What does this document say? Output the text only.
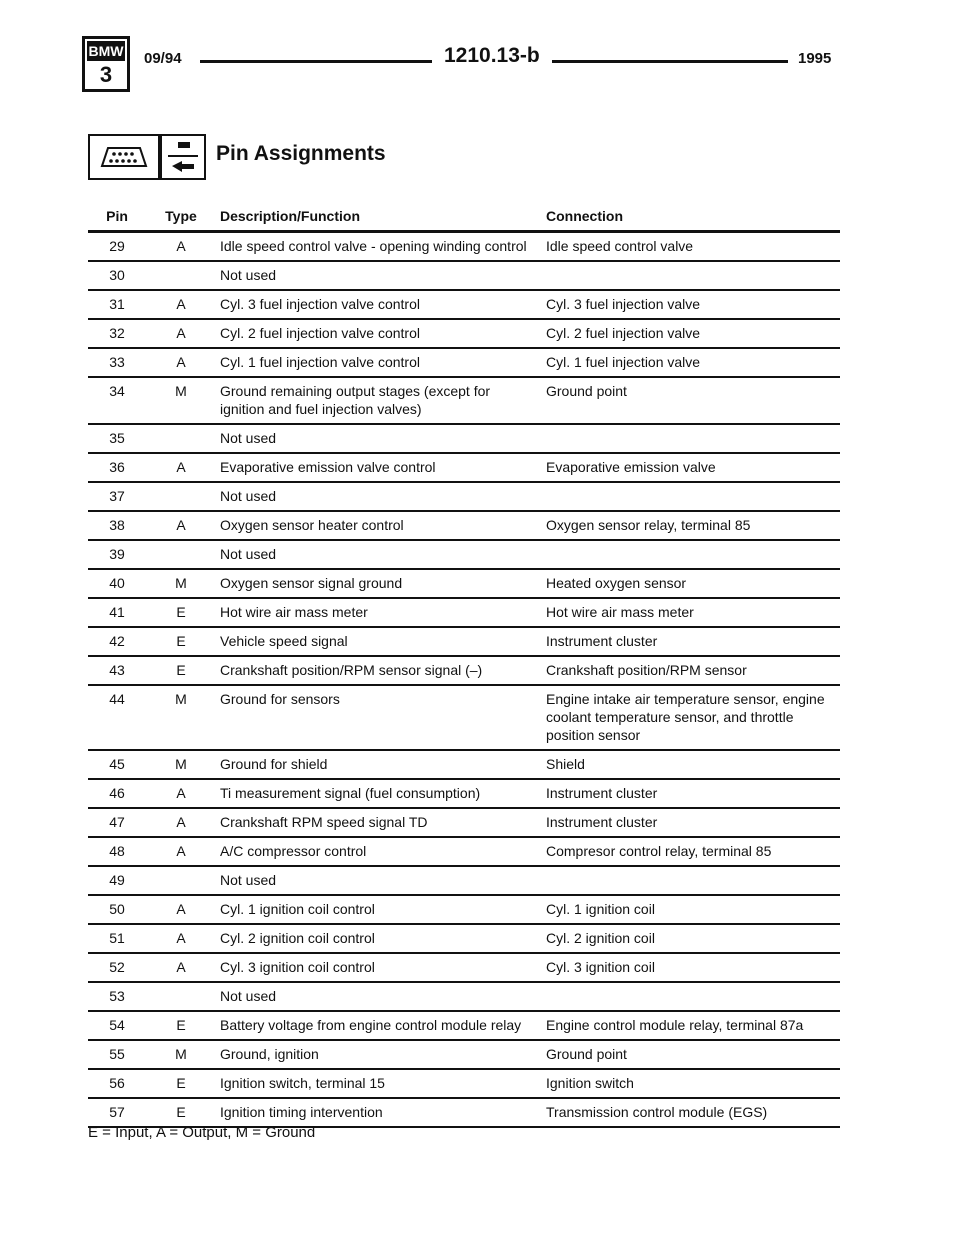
BMW
3
09/94	1210.13-b	1995
Pin Assignments
Pin	Type	Description/Function	Connection
29	A	Idle speed control valve - opening winding control	Idle speed control valve
30		Not used	
31	A	Cyl. 3 fuel injection valve control	Cyl. 3 fuel injection valve
32	A	Cyl. 2 fuel injection valve control	Cyl. 2 fuel injection valve
33	A	Cyl. 1 fuel injection valve control	Cyl. 1 fuel injection valve
34	M	Ground remaining output stages (except for ignition and fuel injection valves)	Ground point
35		Not used	
36	A	Evaporative emission valve control	Evaporative emission valve
37		Not used	
38	A	Oxygen sensor heater control	Oxygen sensor relay, terminal 85
39		Not used	
40	M	Oxygen sensor signal ground	Heated oxygen sensor
41	E	Hot wire air mass meter	Hot wire air mass meter
42	E	Vehicle speed signal	Instrument cluster
43	E	Crankshaft position/RPM sensor signal (–)	Crankshaft position/RPM sensor
44	M	Ground for sensors	Engine intake air temperature sensor, engine coolant temperature sensor, and throttle position sensor
45	M	Ground for shield	Shield
46	A	Ti measurement signal (fuel consumption)	Instrument cluster
47	A	Crankshaft RPM speed signal TD	Instrument cluster
48	A	A/C compressor control	Compresor control relay, terminal 85
49		Not used	
50	A	Cyl. 1 ignition coil control	Cyl. 1 ignition coil
51	A	Cyl. 2 ignition coil control	Cyl. 2 ignition coil
52	A	Cyl. 3 ignition coil control	Cyl. 3 ignition coil
53		Not used	
54	E	Battery voltage from engine control module relay	Engine control module relay, terminal 87a
55	M	Ground, ignition	Ground point
56	E	Ignition switch, terminal 15	Ignition switch
57	E	Ignition timing intervention	Transmission control module (EGS)
E = Input, A = Output, M = Ground
